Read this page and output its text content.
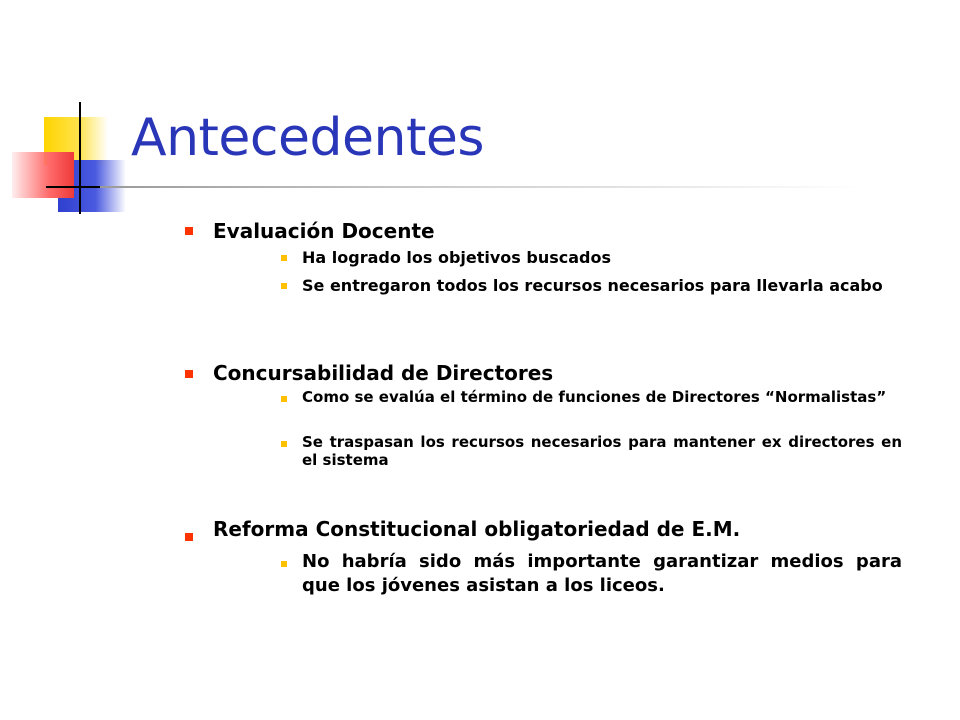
Antecedentes
Evaluación Docente
Ha logrado los objetivos buscados
Se entregaron todos los recursos necesarios para llevarla acabo
Concursabilidad de Directores
Como se evalúa el término de funciones de Directores “Normalistas”
Se traspasan los recursos necesarios para mantener ex directores en el sistema
Reforma Constitucional obligatoriedad de E.M.
No habría sido más importante garantizar medios para que los jóvenes asistan a los liceos.
